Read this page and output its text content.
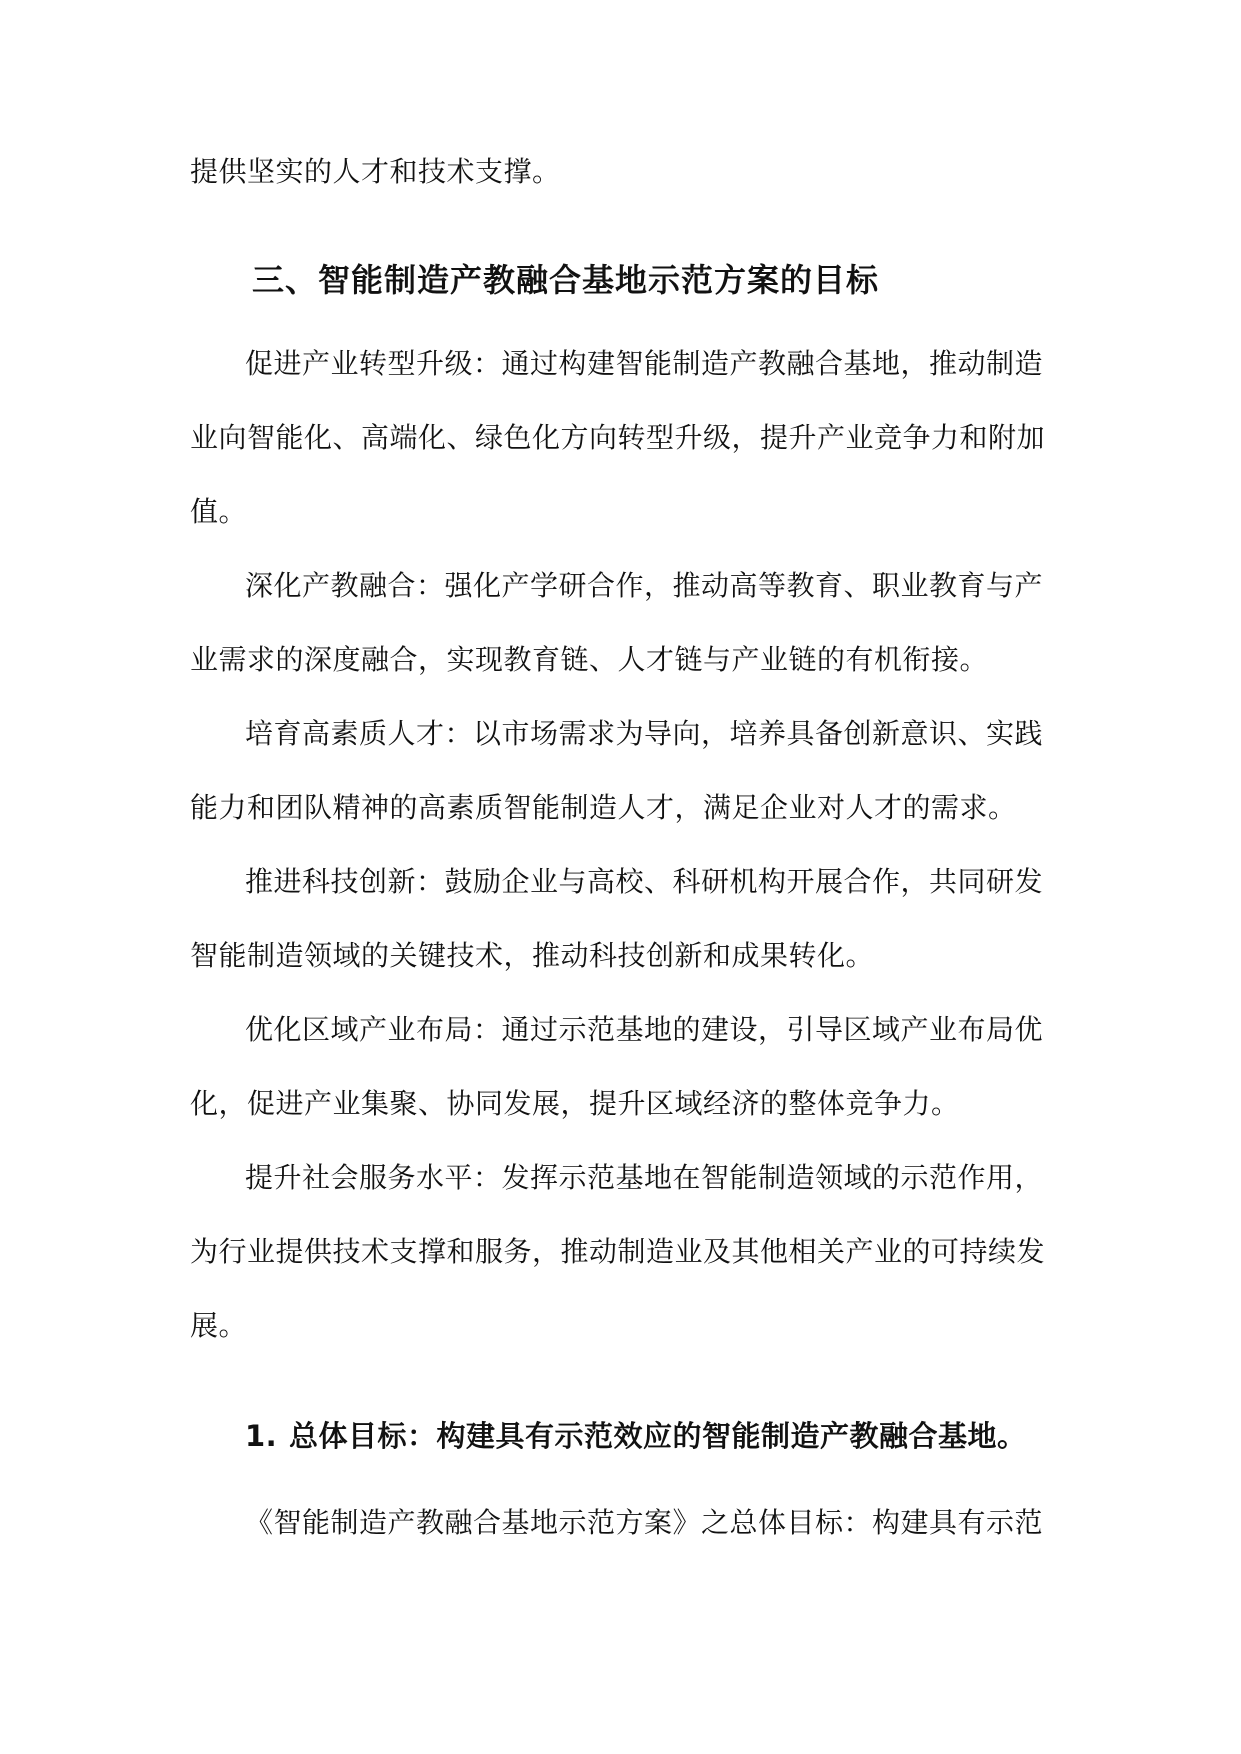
提供坚实的人才和技术支撑。
三、智能制造产教融合基地示范方案的目标
促进产业转型升级：通过构建智能制造产教融合基地，推动制造
业向智能化、高端化、绿色化方向转型升级，提升产业竞争力和附加
值。
深化产教融合：强化产学研合作，推动高等教育、职业教育与产
业需求的深度融合，实现教育链、人才链与产业链的有机衔接。
培育高素质人才：以市场需求为导向，培养具备创新意识、实践
能力和团队精神的高素质智能制造人才，满足企业对人才的需求。
推进科技创新：鼓励企业与高校、科研机构开展合作，共同研发
智能制造领域的关键技术，推动科技创新和成果转化。
优化区域产业布局：通过示范基地的建设，引导区域产业布局优
化，促进产业集聚、协同发展，提升区域经济的整体竞争力。
提升社会服务水平：发挥示范基地在智能制造领域的示范作用，
为行业提供技术支撑和服务，推动制造业及其他相关产业的可持续发
展。
1. 总体目标：构建具有示范效应的智能制造产教融合基地。
《智能制造产教融合基地示范方案》之总体目标：构建具有示范
